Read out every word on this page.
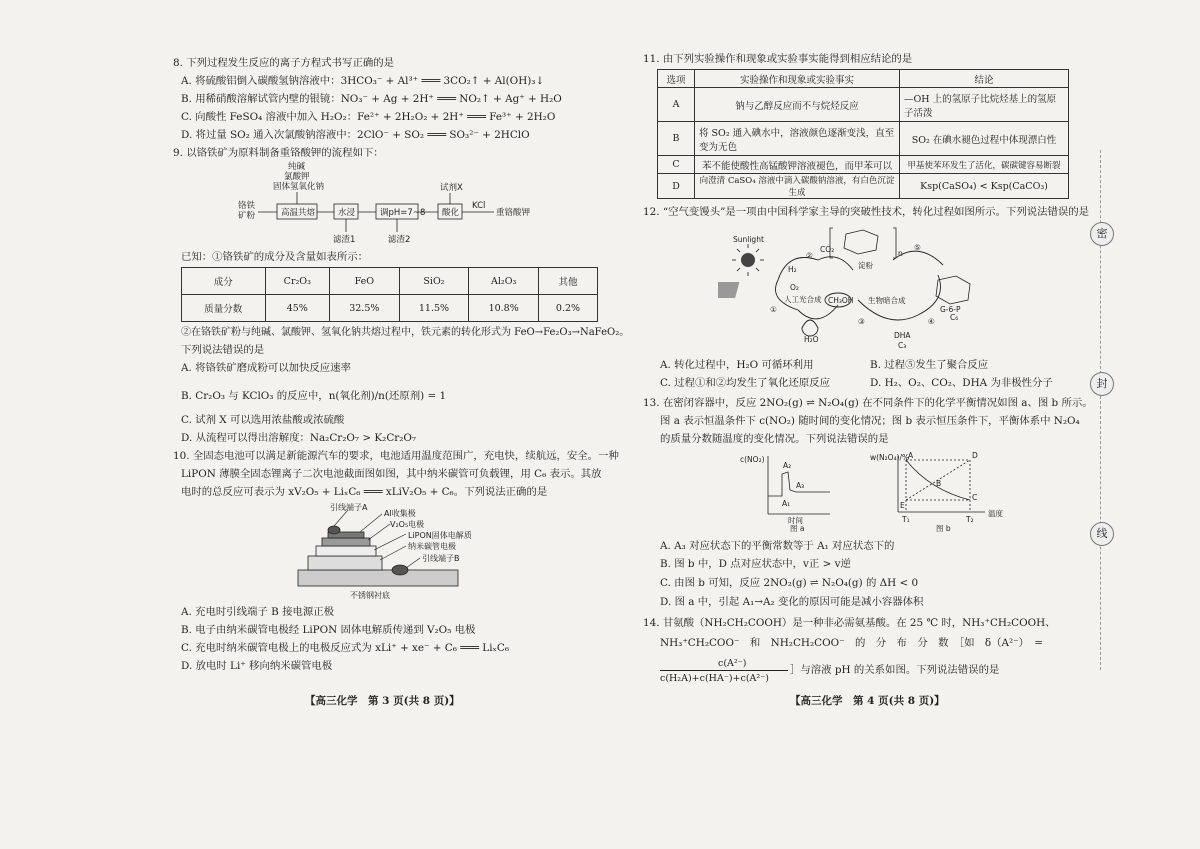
8. 下列过程发生反应的离子方程式书写正确的是
A. 将硫酸铝倒入碳酸氢钠溶液中：3HCO₃⁻ + Al³⁺ ═══ 3CO₂↑ + Al(OH)₃↓
B. 用稀硝酸溶解试管内壁的银镜：NO₃⁻ + Ag + 2H⁺ ═══ NO₂↑ + Ag⁺ + H₂O
C. 向酸性 FeSO₄ 溶液中加入 H₂O₂：Fe²⁺ + 2H₂O₂ + 2H⁺ ═══ Fe³⁺ + 2H₂O
D. 将过量 SO₂ 通入次氯酸钠溶液中：2ClO⁻ + SO₂ ═══ SO₃²⁻ + 2HClO
9. 以铬铁矿为原料制备重铬酸钾的流程如下：
纯碱
氯酸钾
固体氢氧化钠
铬铁
矿粉	高温共熔	水浸	调pH=7~8 酸化
试剂X
KCl
重铬酸钾
滤渣1	滤渣2
已知：①铬铁矿的成分及含量如表所示：
成分	Cr₂O₃	FeO	SiO₂	Al₂O₃	其他
质量分数	45%	32.5%	11.5%	10.8%	0.2%
②在铬铁矿粉与纯碱、氯酸钾、氢氧化钠共熔过程中，铁元素的转化形式为 FeO→Fe₂O₃→NaFeO₂。
下列说法错误的是
A. 将铬铁矿磨成粉可以加快反应速率
B. Cr₂O₃ 与 KClO₃ 的反应中，n(氧化剂)/n(还原剂) = 1
C. 试剂 X 可以选用浓盐酸或浓硫酸
D. 从流程可以得出溶解度：Na₂Cr₂O₇ > K₂Cr₂O₇
10. 全固态电池可以满足新能源汽车的要求，电池适用温度范围广，充电快，续航远，安全。一种
LiPON 薄膜全固态锂离子二次电池截面图如图，其中纳米碳管可负载锂，用 C₆ 表示。其放
电时的总反应可表示为 xV₂O₅ + LiₓC₆ ═══ xLiV₂O₅ + C₆。下列说法正确的是
引线端子A
Al收集极
V₂O₅电极
LiPON固体电解质
纳米碳管电极
引线端子B
不锈钢衬底
A. 充电时引线端子 B 接电源正极
B. 电子由纳米碳管电极经 LiPON 固体电解质传递到 V₂O₅ 电极
C. 充电时纳米碳管电极上的电极反应式为 xLi⁺ + xe⁻ + C₆ ═══ LiₓC₆
D. 放电时 Li⁺ 移向纳米碳管电极
【高三化学　第 3 页(共 8 页)】
11. 由下列实验操作和现象或实验事实能得到相应结论的是
选项	实验操作和现象或实验事实	结论
A	钠与乙醇反应而不与烷烃反应	—OH 上的氢原子比烷烃基上的氢原子活泼
B	将 SO₂ 通入碘水中，溶液颜色逐渐变浅，直至变为无色	SO₂ 在碘水褪色过程中体现漂白性
C	苯不能使酸性高锰酸钾溶液褪色，而甲苯可以	甲基使苯环发生了活化，碳碳键容易断裂
D	向澄清 CaSO₄ 溶液中滴入碳酸钠溶液，有白色沉淀生成	Ksp(CaSO₄) < Ksp(CaCO₃)
12. “空气变馒头”是一项由中国科学家主导的突破性技术，转化过程如图所示。下列说法错误的是
Sunlight
H₂
O₂
CO₂
人工光合成 CH₃OH
H₂O
生物暗合成
淀粉
G-6-P
DHA
①
②
③	④
⑤
C₆
C₃
n
A. 转化过程中，H₂O 可循环利用	B. 过程⑤发生了聚合反应
C. 过程①和②均发生了氧化还原反应	D. H₂、O₂、CO₂、DHA 为非极性分子
13. 在密闭容器中，反应 2NO₂(g) ⇌ N₂O₄(g) 在不同条件下的化学平衡情况如图 a、图 b 所示。
图 a 表示恒温条件下 c(NO₂) 随时间的变化情况；图 b 表示恒压条件下，平衡体系中 N₂O₄
的质量分数随温度的变化情况。下列说法错误的是
c(NO₂)
时间
图 a
A₂
A₁
A₃
w(N₂O₄)/%
温度
图 b
A	D
B
C
E
T₁	T₂
A. A₃ 对应状态下的平衡常数等于 A₁ 对应状态下的
B. 图 b 中，D 点对应状态中，v正 > v逆
C. 由图 b 可知，反应 2NO₂(g) ⇌ N₂O₄(g) 的 ΔH < 0
D. 图 a 中，引起 A₁→A₂ 变化的原因可能是减小容器体积
14. 甘氨酸（NH₂CH₂COOH）是一种非必需氨基酸。在 25 ℃ 时，NH₃⁺CH₂COOH、
NH₃⁺CH₂COO⁻　和　NH₂CH₂COO⁻　的　分　布　分　数　［如　δ（A²⁻）　=
c(A²⁻)
c(H₂A)+c(HA⁻)+c(A²⁻)
］与溶液 pH 的关系如图。下列说法错误的是
【高三化学　第 4 页(共 8 页)】
密
封
线
